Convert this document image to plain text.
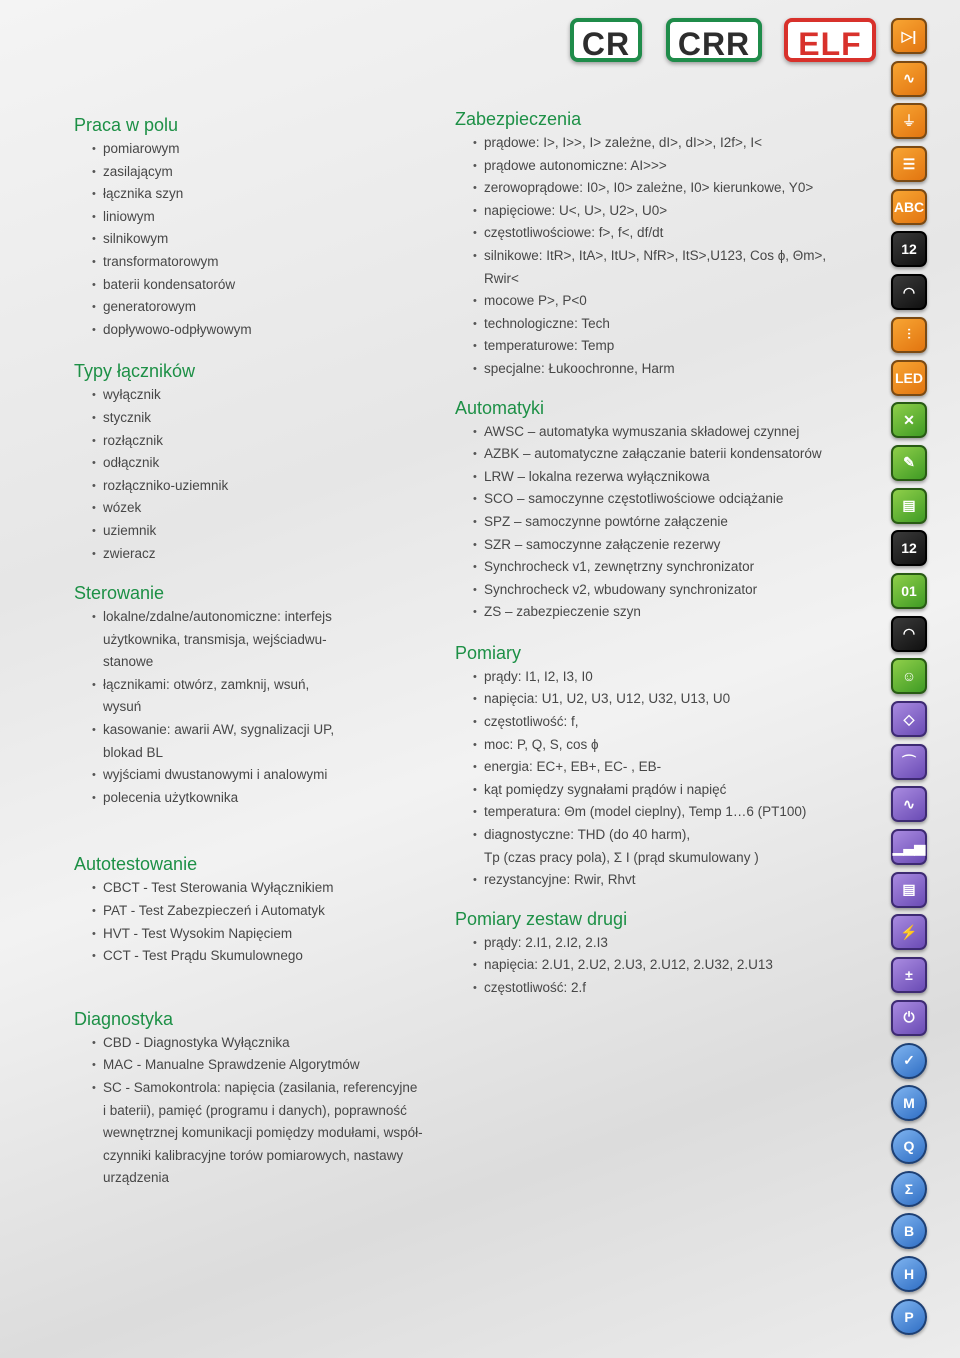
CR	CRR	ELF
Praca w polu
• pomiarowym
• zasilającym
• łącznika szyn
• liniowym
• silnikowym
• transformatorowym
• baterii kondensatorów
• generatorowym
• dopływowo-odpływowym
Typy łączników
• wyłącznik
• stycznik
• rozłącznik
• odłącznik
• rozłączniko-uziemnik
• wózek
• uziemnik
• zwieracz
Sterowanie
• lokalne/zdalne/autonomiczne: interfejs
użytkownika, transmisja, wejściadwu-
stanowe
• łącznikami: otwórz, zamknij, wsuń,
wysuń
• kasowanie: awarii AW, sygnalizacji UP,
blokad BL
• wyjściami dwustanowymi i analowymi
• polecenia użytkownika
Autotestowanie
• CBCT - Test Sterowania Wyłącznikiem
• PAT - Test Zabezpieczeń i Automatyk
• HVT - Test Wysokim Napięciem
• CCT - Test Prądu Skumulownego
Diagnostyka
• CBD - Diagnostyka Wyłącznika
• MAC - Manualne Sprawdzenie Algorytmów
• SC - Samokontrola: napięcia (zasilania, referencyjne
i baterii), pamięć (programu i danych), poprawność
wewnętrznej komunikacji pomiędzy modułami, współ-
czynniki kalibracyjne torów pomiarowych, nastawy
urządzenia
Zabezpieczenia
• prądowe: I>, I>>, I> zależne, dI>, dI>>, I2f>, I<
• prądowe autonomiczne: AI>>>
• zerowoprądowe: I0>, I0> zależne, I0> kierunkowe, Y0>
• napięciowe: U<, U>, U2>, U0>
• częstotliwościowe: f>, f<, df/dt
• silnikowe: ItR>, ItA>, ItU>, NfR>, ItS>,U123, Cos ϕ, Θm>,
Rwir<
• mocowe P>, P<0
• technologiczne: Tech
• temperaturowe: Temp
• specjalne: Łukoochronne, Harm
Automatyki
• AWSC – automatyka wymuszania składowej czynnej
• AZBK – automatyczne załączanie baterii kondensatorów
• LRW – lokalna rezerwa wyłącznikowa
• SCO – samoczynne częstotliwościowe odciążanie
• SPZ – samoczynne powtórne załączenie
• SZR – samoczynne załączenie rezerwy
• Synchrocheck v1, zewnętrzny synchronizator
• Synchrocheck v2, wbudowany synchronizator
• ZS – zabezpieczenie szyn
Pomiary
• prądy: I1, I2, I3, I0
• napięcia: U1, U2, U3, U12, U32, U13, U0
• częstotliwość: f,
• moc: P, Q, S, cos ϕ
• energia: EC+, EB+, EC- , EB-
• kąt pomiędzy sygnałami prądów i napięć
• temperatura: Θm (model cieplny), Temp 1…6 (PT100)
• diagnostyczne: THD (do 40 harm),
Tp (czas pracy pola), Σ I (prąd skumulowany )
• rezystancyjne: Rwir, Rhvt
Pomiary zestaw drugi
• prądy: 2.I1, 2.I2, 2.I3
• napięcia: 2.U1, 2.U2, 2.U3, 2.U12, 2.U32, 2.U13
• częstotliwość: 2.f
▷|
∿
⏚
☰
ABC
12
◠
⫶
LED
✕
✎
▤
12
01
◠
☺
◇
⌒
∿
▁▃▅
▤
⚡
±
⏻
✓
M
Q
Σ
B
H
P
